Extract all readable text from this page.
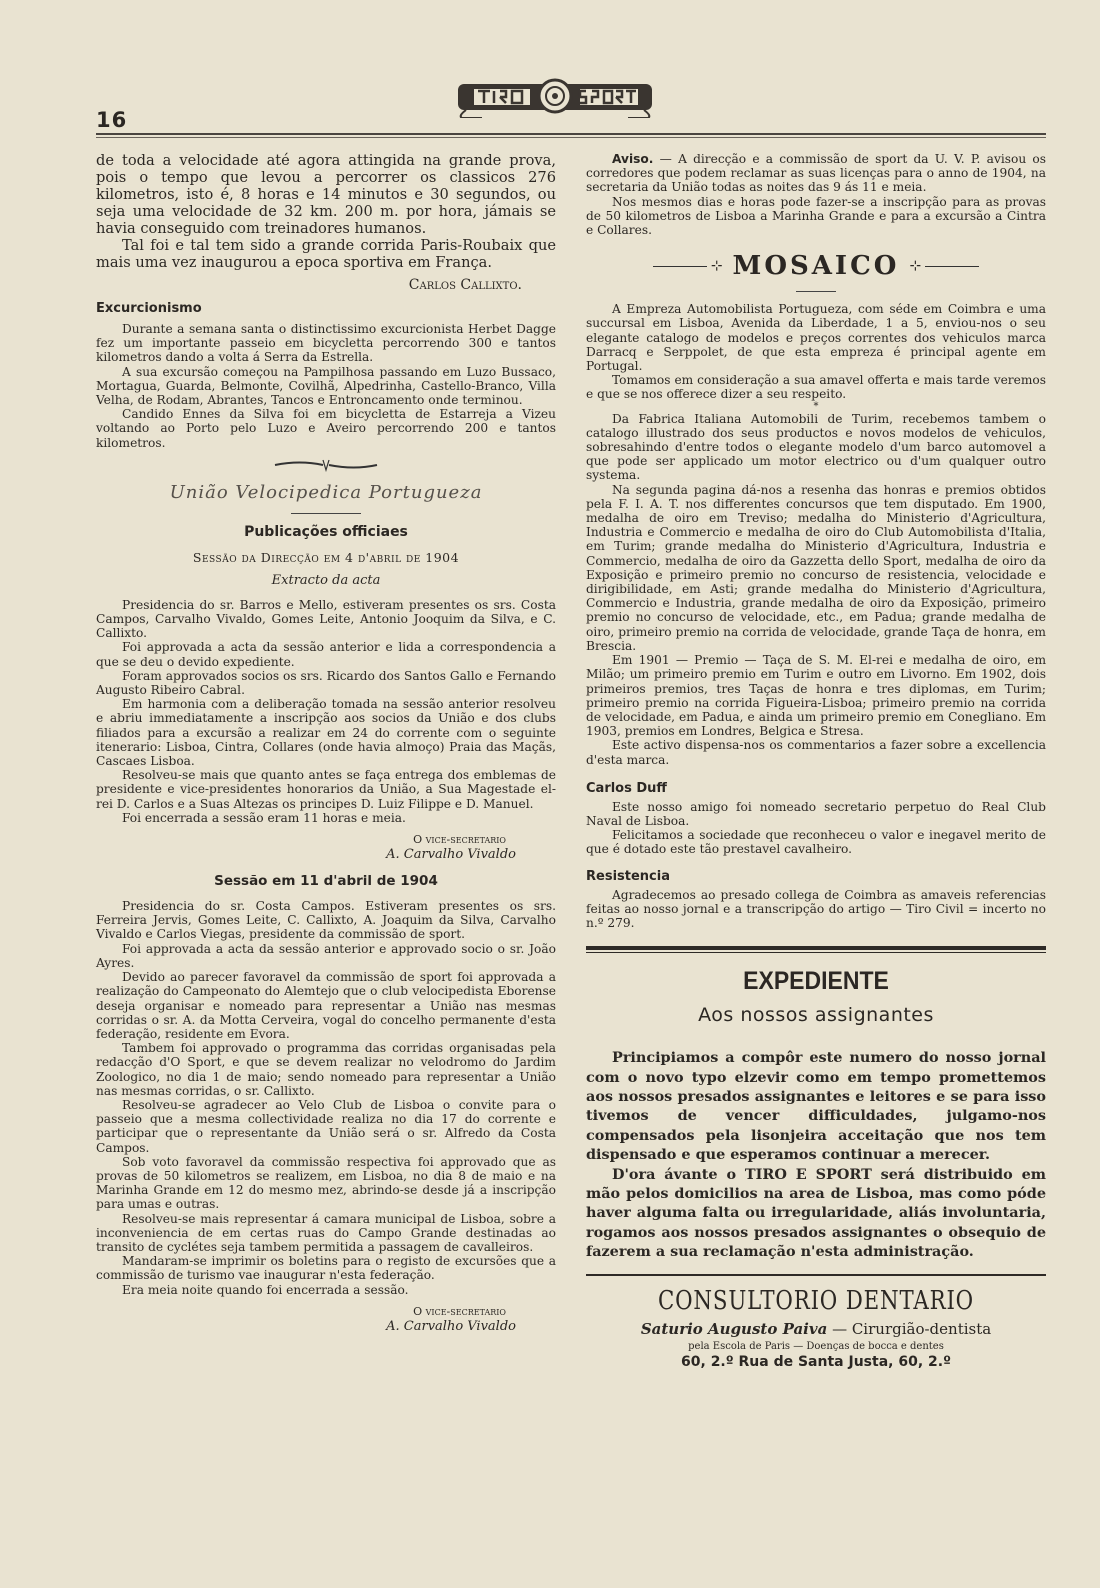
16

de toda a velocidade até agora attingida na grande prova, pois o tempo que levou a percorrer os classicos 276 kilometros, isto é, 8 horas e 14 minutos e 30 segundos, ou seja uma velocidade de 32 km. 200 m. por hora, jámais se havia conseguido com treinadores humanos.

Tal foi e tal tem sido a grande corrida Paris-Roubaix que mais uma vez inaugurou a epoca sportiva em França.

Carlos Callixto.
Excurcionismo

Durante a semana santa o distinctissimo excurcionista Herbet Dagge fez um importante passeio em bicycletta percorrendo 300 e tantos kilometros dando a volta á Serra da Estrella.

A sua excursão começou na Pampilhosa passando em Luzo Bussaco, Mortagua, Guarda, Belmonte, Covilhã, Alpedrinha, Castello-Branco, Villa Velha, de Rodam, Abrantes, Tancos e Entroncamento onde terminou.

Candido Ennes da Silva foi em bicycletta de Estarreja a Vizeu voltando ao Porto pelo Luzo e Aveiro percorrendo 200 e tantos kilometros.

União Velocipedica Portugueza
Publicações officiaes
Sessão da Direcção em 4 d'abril de 1904
Extracto da acta

Presidencia do sr. Barros e Mello, estiveram presentes os srs. Costa Campos, Carvalho Vivaldo, Gomes Leite, Antonio Jooquim da Silva, e C. Callixto.

Foi approvada a acta da sessão anterior e lida a correspondencia a que se deu o devido expediente.

Foram approvados socios os srs. Ricardo dos Santos Gallo e Fernando Augusto Ribeiro Cabral.

Em harmonia com a deliberação tomada na sessão anterior resolveu e abriu immediatamente a inscripção aos socios da União e dos clubs filiados para a excursão a realizar em 24 do corrente com o seguinte itenerario: Lisboa, Cintra, Collares (onde havia almoço) Praia das Maçãs, Cascaes Lisboa.

Resolveu-se mais que quanto antes se faça entrega dos emblemas de presidente e vice-presidentes honorarios da União, a Sua Magestade el-rei D. Carlos e a Suas Altezas os principes D. Luiz Filippe e D. Manuel.

Foi encerrada a sessão eram 11 horas e meia.

O vice-secretario
A. Carvalho Vivaldo
Sessão em 11 d'abril de 1904

Presidencia do sr. Costa Campos. Estiveram presentes os srs. Ferreira Jervis, Gomes Leite, C. Callixto, A. Joaquim da Silva, Carvalho Vivaldo e Carlos Viegas, presidente da commissão de sport.

Foi approvada a acta da sessão anterior e approvado socio o sr. João Ayres.

Devido ao parecer favoravel da commissão de sport foi approvada a realização do Campeonato do Alemtejo que o club velocipedista Eborense deseja organisar e nomeado para representar a União nas mesmas corridas o sr. A. da Motta Cerveira, vogal do concelho permanente d'esta federação, residente em Evora.

Tambem foi approvado o programma das corridas organisadas pela redacção d'O Sport, e que se devem realizar no velodromo do Jardim Zoologico, no dia 1 de maio; sendo nomeado para representar a União nas mesmas corridas, o sr. Callixto.

Resolveu-se agradecer ao Velo Club de Lisboa o convite para o passeio que a mesma collectividade realiza no dia 17 do corrente e participar que o representante da União será o sr. Alfredo da Costa Campos.

Sob voto favoravel da commissão respectiva foi approvado que as provas de 50 kilometros se realizem, em Lisboa, no dia 8 de maio e na Marinha Grande em 12 do mesmo mez, abrindo-se desde já a inscripção para umas e outras.

Resolveu-se mais representar á camara municipal de Lisboa, sobre a inconveniencia de em certas ruas do Campo Grande destinadas ao transito de cyclétes seja tambem permitida a passagem de cavalleiros.

Mandaram-se imprimir os boletins para o registo de excursões que a commissão de turismo vae inaugurar n'esta federação.

Era meia noite quando foi encerrada a sessão.

O vice-secretario
A. Carvalho Vivaldo

Aviso. — A direcção e a commissão de sport da U. V. P. avisou os corredores que podem reclamar as suas licenças para o anno de 1904, na secretaria da União todas as noites das 9 ás 11 e meia.

Nos mesmos dias e horas pode fazer-se a inscripção para as provas de 50 kilometros de Lisboa a Marinha Grande e para a excursão a Cintra e Collares.

⊹ MOSAICO ⊹

A Empreza Automobilista Portugueza, com séde em Coimbra e uma succursal em Lisboa, Avenida da Liberdade, 1 a 5, enviou-nos o seu elegante catalogo de modelos e preços correntes dos vehiculos marca Darracq e Serppolet, de que esta empreza é principal agente em Portugal.

Tomamos em consideração a sua amavel offerta e mais tarde veremos e que se nos offerece dizer a seu respeito.

*

Da Fabrica Italiana Automobili de Turim, recebemos tambem o catalogo illustrado dos seus productos e novos modelos de vehiculos, sobresahindo d'entre todos o elegante modelo d'um barco automovel a que pode ser applicado um motor electrico ou d'um qualquer outro systema.

Na segunda pagina dá-nos a resenha das honras e premios obtidos pela F. I. A. T. nos differentes concursos que tem disputado. Em 1900, medalha de oiro em Treviso; medalha do Ministerio d'Agricultura, Industria e Commercio e medalha de oiro do Club Automobilista d'Italia, em Turim; grande medalha do Ministerio d'Agricultura, Industria e Commercio, medalha de oiro da Gazzetta dello Sport, medalha de oiro da Exposição e primeiro premio no concurso de resistencia, velocidade e dirigibilidade, em Asti; grande medalha do Ministerio d'Agricultura, Commercio e Industria, grande medalha de oiro da Exposição, primeiro premio no concurso de velocidade, etc., em Padua; grande medalha de oiro, primeiro premio na corrida de velocidade, grande Taça de honra, em Brescia.

Em 1901 — Premio — Taça de S. M. El-rei e medalha de oiro, em Milão; um primeiro premio em Turim e outro em Livorno. Em 1902, dois primeiros premios, tres Taças de honra e tres diplomas, em Turim; primeiro premio na corrida Figueira-Lisboa; primeiro premio na corrida de velocidade, em Padua, e ainda um primeiro premio em Conegliano. Em 1903, premios em Londres, Belgica e Stresa.

Este activo dispensa-nos os commentarios a fazer sobre a excellencia d'esta marca.

Carlos Duff

Este nosso amigo foi nomeado secretario perpetuo do Real Club Naval de Lisboa.

Felicitamos a sociedade que reconheceu o valor e inegavel merito de que é dotado este tão prestavel cavalheiro.

Resistencia

Agradecemos ao presado collega de Coimbra as amaveis referencias feitas ao nosso jornal e a transcripção do artigo — Tiro Civil = incerto no n.º 279.

EXPEDIENTE
Aos nossos assignantes

Principiamos a compôr este numero do nosso jornal com o novo typo elzevir como em tempo promettemos aos nossos presados assignantes e leitores e se para isso tivemos de vencer difficuldades, julgamo-nos compensados pela lisonjeira acceitação que nos tem dispensado e que esperamos continuar a merecer.

D'ora ávante o TIRO E SPORT será distribuido em mão pelos domicilios na area de Lisboa, mas como póde haver alguma falta ou irregularidade, aliás involuntaria, rogamos aos nossos presados assignantes o obsequio de fazerem a sua reclamação n'esta administração.

CONSULTORIO DENTARIO
Saturio Augusto Paiva — Cirurgião-dentista
pela Escola de Paris — Doenças de bocca e dentes
60, 2.º Rua de Santa Justa, 60, 2.º
